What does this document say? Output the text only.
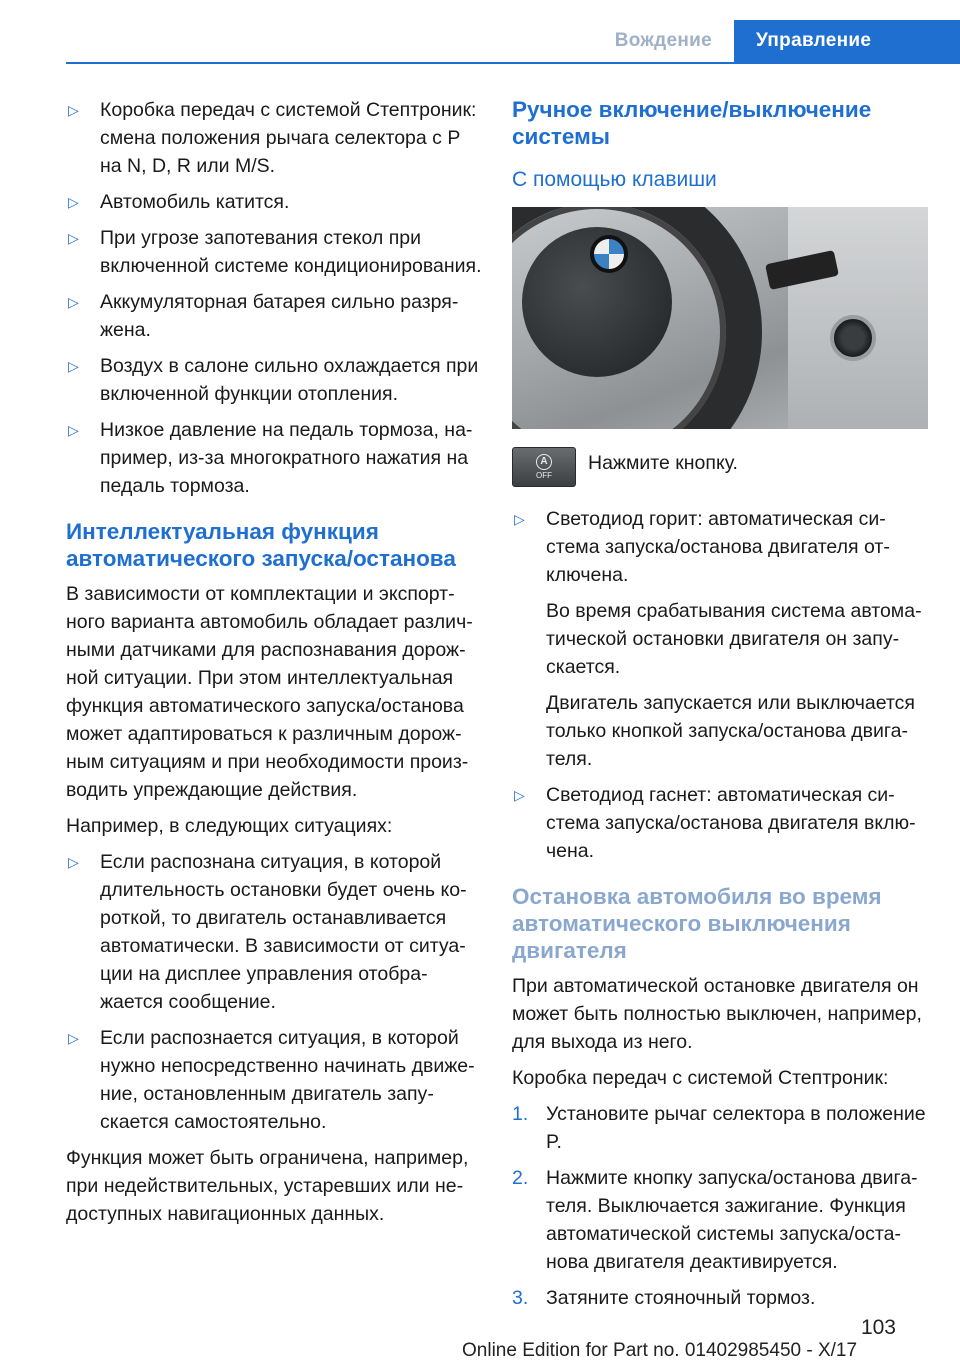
Вождение	Управление
▷	Коробка передач с системой Стептроник: смена положения рычага селектора с P на N, D, R или M/S.
▷	Автомобиль катится.
▷	При угрозе запотевания стекол при включенной системе кондиционирования.
▷	Аккумуляторная батарея сильно разряжена.
▷	Воздух в салоне сильно охлаждается при включенной функции отопления.
▷	Низкое давление на педаль тормоза, например, из-за многократного нажатия на педаль тормоза.
Интеллектуальная функция автоматического запуска/останова

В зависимости от комплектации и экспортного варианта автомобиль обладает различными датчиками для распознавания дорожной ситуации. При этом интеллектуальная функция автоматического запуска/останова может адаптироваться к различным дорожным ситуациям и при необходимости производить упреждающие действия.

Например, в следующих ситуациях:

▷	Если распознана ситуация, в которой длительность остановки будет очень короткой, то двигатель останавливается автоматически. В зависимости от ситуации на дисплее управления отображается сообщение.
▷	Если распознается ситуация, в которой нужно непосредственно начинать движение, остановленным двигатель запускается самостоятельно.

Функция может быть ограничена, например, при недействительных, устаревших или недоступных навигационных данных.

Ручное включение/выключение системы
С помощью клавиши
A
OFF

Нажмите кнопку.

▷	Светодиод горит: автоматическая система запуска/останова двигателя отключена.

Во время срабатывания система автоматической остановки двигателя он запускается.

Двигатель запускается или выключается только кнопкой запуска/останова двигателя.

▷	Светодиод гаснет: автоматическая система запуска/останова двигателя включена.
Остановка автомобиля во время автоматического выключения двигателя

При автоматической остановке двигателя он может быть полностью выключен, например, для выхода из него.

Коробка передач с системой Стептроник:

1. Установите рычаг селектора в положение P.
2. Нажмите кнопку запуска/останова двигателя. Выключается зажигание. Функция автоматической системы запуска/останова двигателя деактивируется.
3. Затяните стояночный тормоз.
103
Online Edition for Part no. 01402985450 - X/17
